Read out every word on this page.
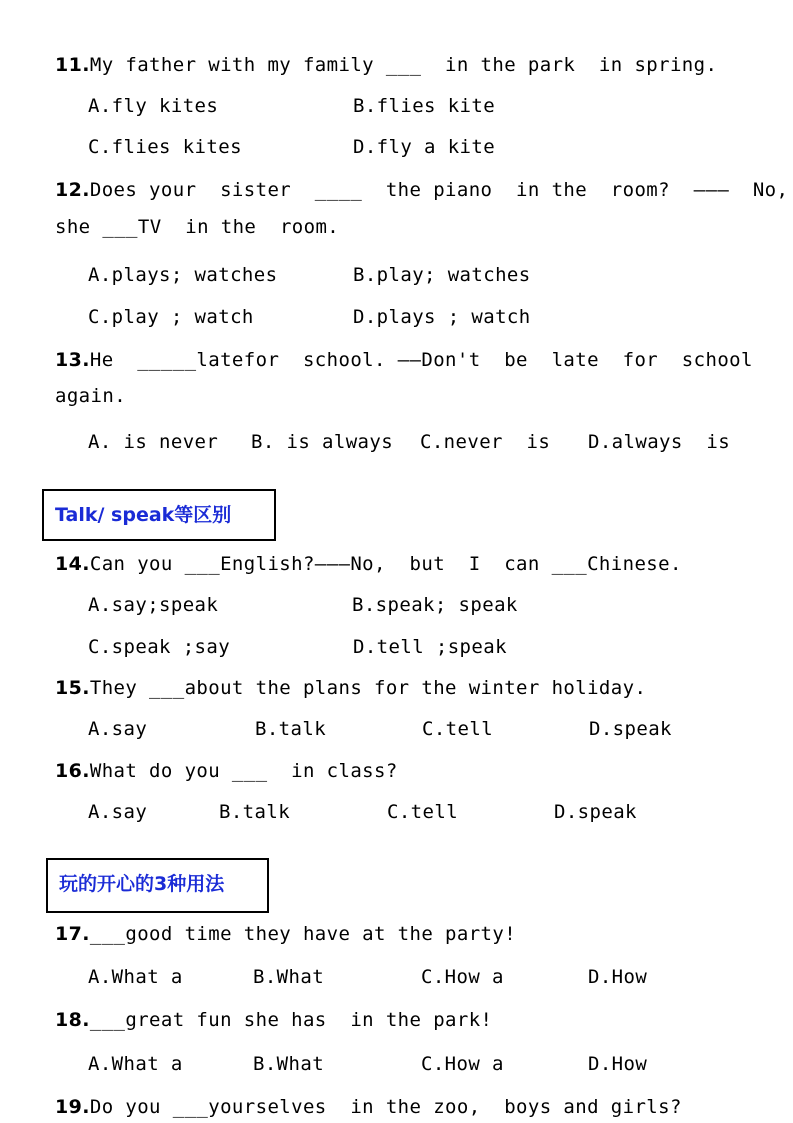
11.My father with my family ___  in the park  in spring.
A.fly kites	B.flies kite
C.flies kites	D.fly a kite
12.Does your  sister  ____  the piano  in the  room?  ———  No,
she ___TV  in the  room.
A.plays; watches	B.play; watches
C.play ; watch	D.plays ; watch
13.He  _____latefor  school. ——Don't  be  late  for  school
again.
A. is never B. is always C.never  is D.always  is
Talk/ speak等区别
14.Can you ___English?———No,  but  I  can ___Chinese.
A.say;speak	B.speak; speak
C.speak ;say	D.tell ;speak
15.They ___about the plans for the winter holiday.
A.say	B.talk	C.tell	D.speak
16.What do you ___  in class?
A.say	B.talk	C.tell	D.speak
玩的开心的3种用法
17.___good time they have at the party!
A.What a	B.What	C.How a	D.How
18.___great fun she has  in the park!
A.What a	B.What	C.How a	D.How
19.Do you ___yourselves  in the zoo,  boys and girls?
